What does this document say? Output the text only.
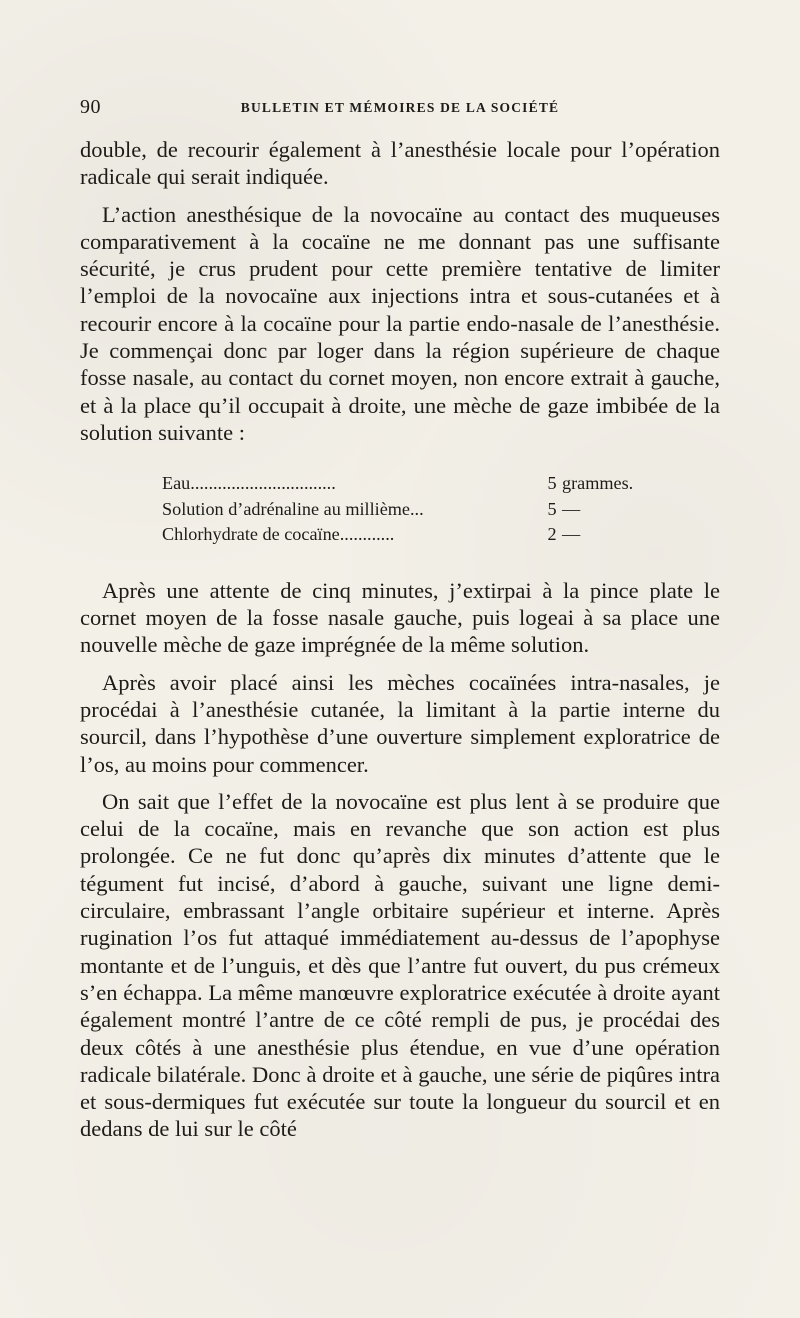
90	BULLETIN ET MÉMOIRES DE LA SOCIÉTÉ

double, de recourir également à l’anesthésie locale pour l’opération radicale qui serait indiquée.

L’action anesthésique de la novocaïne au contact des muqueuses comparativement à la cocaïne ne me donnant pas une suffisante sécurité, je crus prudent pour cette première tentative de limiter l’emploi de la novocaïne aux injections intra et sous-cutanées et à recourir encore à la cocaïne pour la partie endo-nasale de l’anesthésie. Je commençai donc par loger dans la région supérieure de chaque fosse nasale, au contact du cornet moyen, non encore extrait à gauche, et à la place qu’il occupait à droite, une mèche de gaze imbibée de la solution suivante :

Eau................................	5 grammes.
Solution d’adrénaline au millième...	5 —
Chlorhydrate de cocaïne............	2 —

Après une attente de cinq minutes, j’extirpai à la pince plate le cornet moyen de la fosse nasale gauche, puis logeai à sa place une nouvelle mèche de gaze imprégnée de la même solution.

Après avoir placé ainsi les mèches cocaïnées intra-nasales, je procédai à l’anesthésie cutanée, la limitant à la partie interne du sourcil, dans l’hypothèse d’une ouverture simplement exploratrice de l’os, au moins pour commencer.

On sait que l’effet de la novocaïne est plus lent à se produire que celui de la cocaïne, mais en revanche que son action est plus prolongée. Ce ne fut donc qu’après dix minutes d’attente que le tégument fut incisé, d’abord à gauche, suivant une ligne demi-circulaire, embrassant l’angle orbitaire supérieur et interne. Après rugination l’os fut attaqué immédiatement au-dessus de l’apophyse montante et de l’unguis, et dès que l’antre fut ouvert, du pus crémeux s’en échappa. La même manœuvre exploratrice exécutée à droite ayant également montré l’antre de ce côté rempli de pus, je procédai des deux côtés à une anesthésie plus étendue, en vue d’une opération radicale bilatérale. Donc à droite et à gauche, une série de piqûres intra et sous-dermiques fut exécutée sur toute la longueur du sourcil et en dedans de lui sur le côté
